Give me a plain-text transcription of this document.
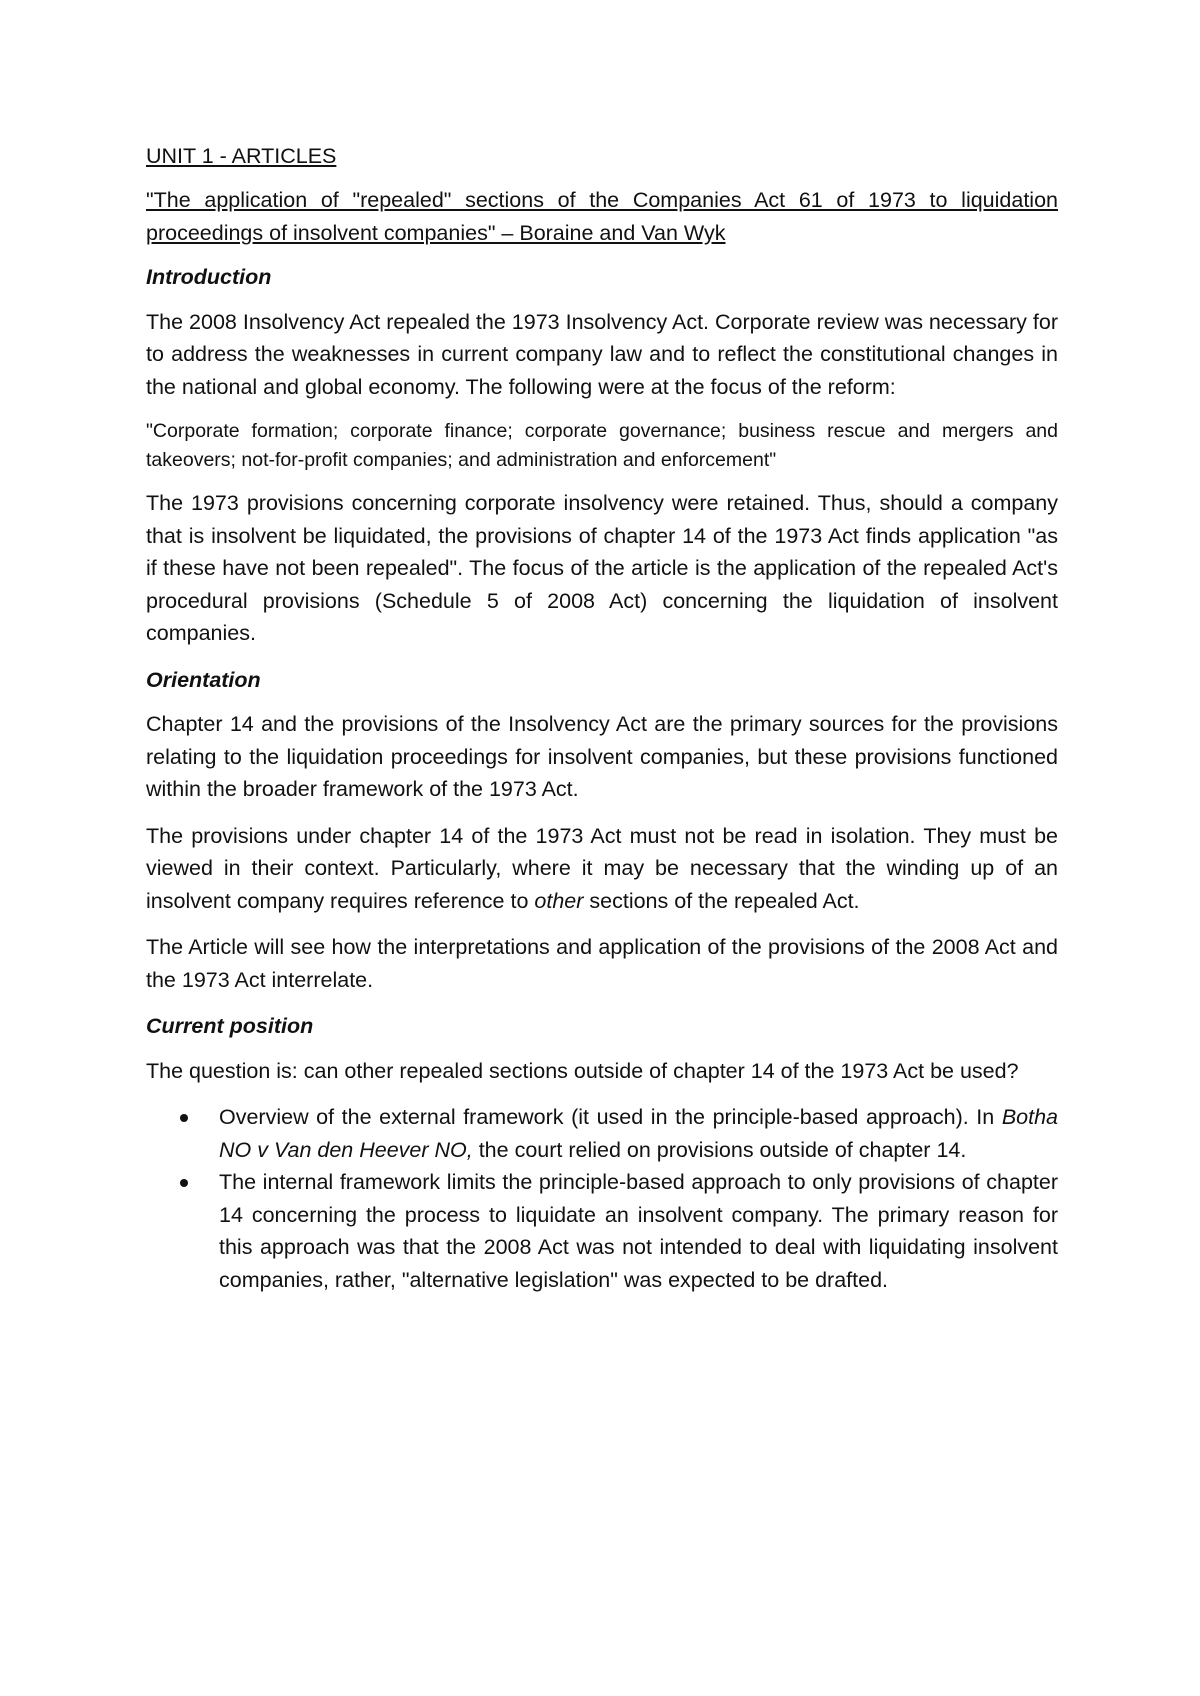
UNIT 1 - ARTICLES
"The application of "repealed" sections of the Companies Act 61 of 1973 to liquidation proceedings of insolvent companies" – Boraine and Van Wyk
Introduction

The 2008 Insolvency Act repealed the 1973 Insolvency Act. Corporate review was necessary for to address the weaknesses in current company law and to reflect the constitutional changes in the national and global economy. The following were at the focus of the reform:

"Corporate formation; corporate finance; corporate governance; business rescue and mergers and takeovers; not-for-profit companies; and administration and enforcement"

The 1973 provisions concerning corporate insolvency were retained. Thus, should a company that is insolvent be liquidated, the provisions of chapter 14 of the 1973 Act finds application "as if these have not been repealed". The focus of the article is the application of the repealed Act's procedural provisions (Schedule 5 of 2008 Act) concerning the liquidation of insolvent companies.

Orientation

Chapter 14 and the provisions of the Insolvency Act are the primary sources for the provisions relating to the liquidation proceedings for insolvent companies, but these provisions functioned within the broader framework of the 1973 Act.

The provisions under chapter 14 of the 1973 Act must not be read in isolation. They must be viewed in their context. Particularly, where it may be necessary that the winding up of an insolvent company requires reference to other sections of the repealed Act.

The Article will see how the interpretations and application of the provisions of the 2008 Act and the 1973 Act interrelate.

Current position

The question is: can other repealed sections outside of chapter 14 of the 1973 Act be used?

Overview of the external framework (it used in the principle-based approach). In Botha NO v Van den Heever NO, the court relied on provisions outside of chapter 14.
The internal framework limits the principle-based approach to only provisions of chapter 14 concerning the process to liquidate an insolvent company. The primary reason for this approach was that the 2008 Act was not intended to deal with liquidating insolvent companies, rather, "alternative legislation" was expected to be drafted.
